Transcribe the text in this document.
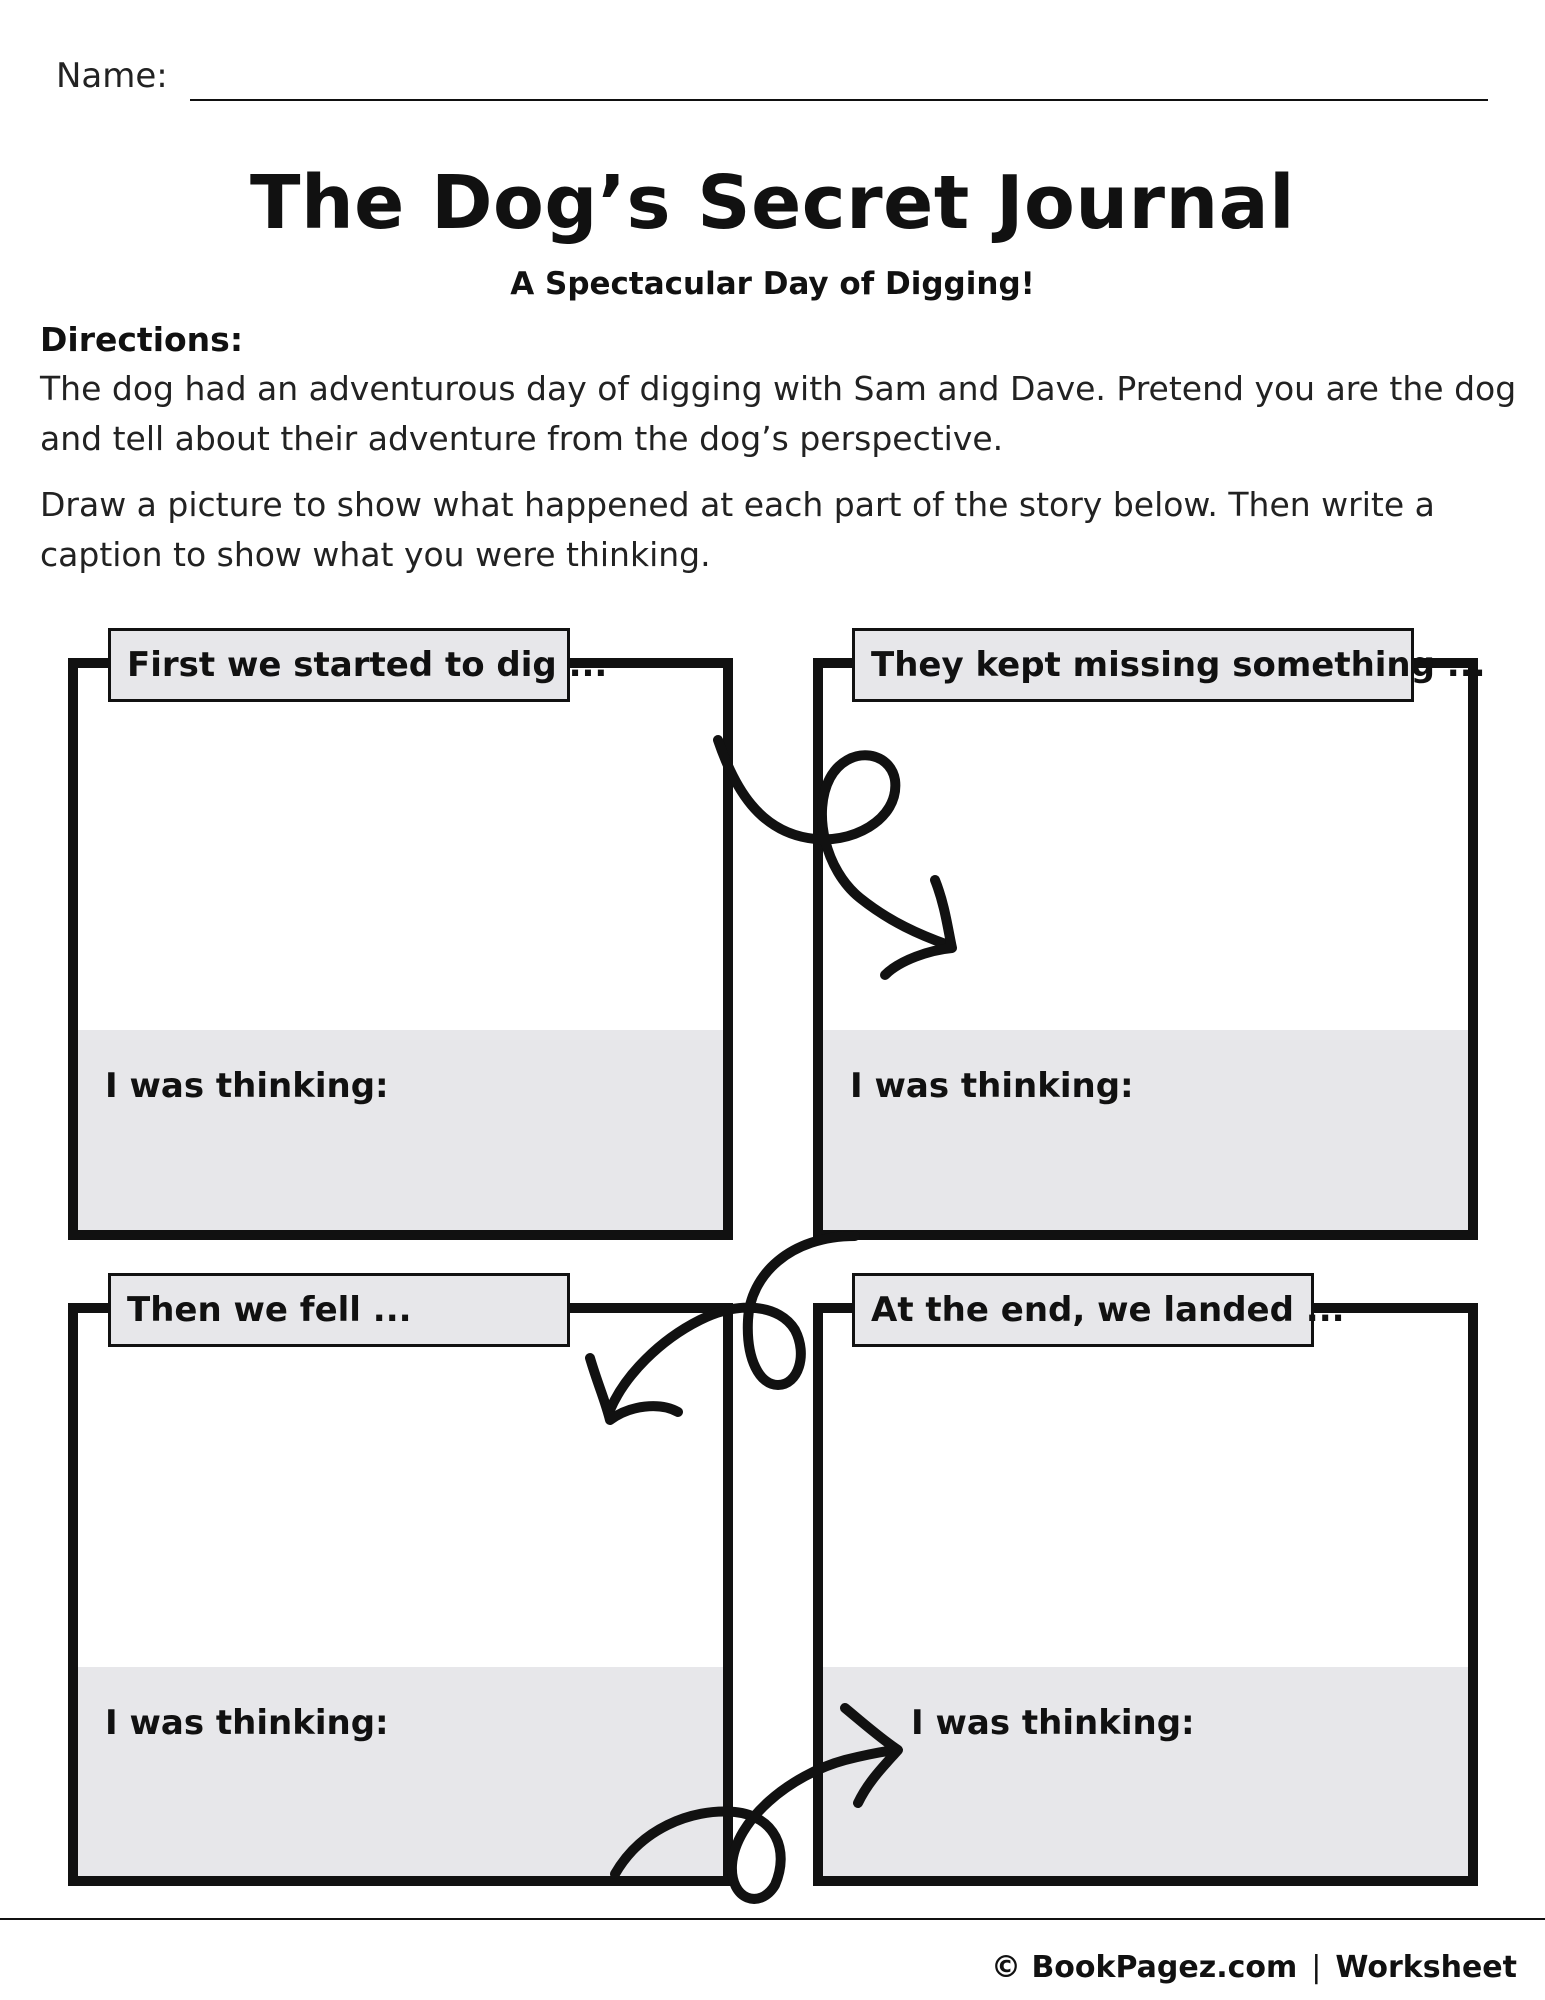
Name:
The Dog’s Secret Journal
A Spectacular Day of Digging!
Directions:
The dog had an adventurous day of digging with Sam and Dave. Pretend you are the dog and tell about their adventure from the dog’s perspective.
Draw a picture to show what happened at each part of the story below. Then write a caption to show what you were thinking.
I was thinking:
First we started to dig ...
I was thinking:
They kept missing something ...
I was thinking:
Then we fell ...
I was thinking:
At the end, we landed ...
© BookPagez.com | Worksheet
